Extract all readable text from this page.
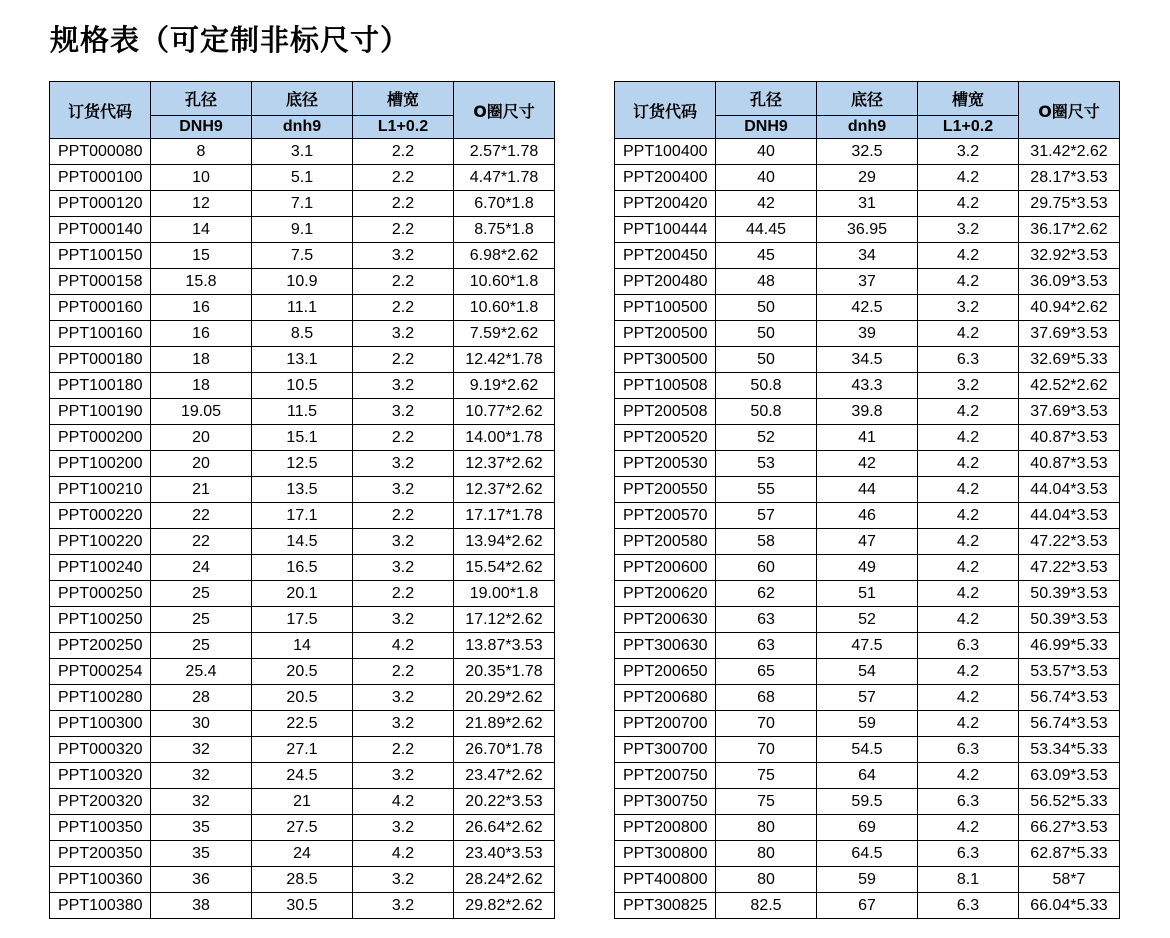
规格表（可定制非标尺寸）
订货代码	孔径	底径	槽宽	O圈尺寸
	DNH9	dnh9	L1+0.2	
PPT000080	8	3.1	2.2	2.57*1.78
PPT000100	10	5.1	2.2	4.47*1.78
PPT000120	12	7.1	2.2	6.70*1.8
PPT000140	14	9.1	2.2	8.75*1.8
PPT100150	15	7.5	3.2	6.98*2.62
PPT000158	15.8	10.9	2.2	10.60*1.8
PPT000160	16	11.1	2.2	10.60*1.8
PPT100160	16	8.5	3.2	7.59*2.62
PPT000180	18	13.1	2.2	12.42*1.78
PPT100180	18	10.5	3.2	9.19*2.62
PPT100190	19.05	11.5	3.2	10.77*2.62
PPT000200	20	15.1	2.2	14.00*1.78
PPT100200	20	12.5	3.2	12.37*2.62
PPT100210	21	13.5	3.2	12.37*2.62
PPT000220	22	17.1	2.2	17.17*1.78
PPT100220	22	14.5	3.2	13.94*2.62
PPT100240	24	16.5	3.2	15.54*2.62
PPT000250	25	20.1	2.2	19.00*1.8
PPT100250	25	17.5	3.2	17.12*2.62
PPT200250	25	14	4.2	13.87*3.53
PPT000254	25.4	20.5	2.2	20.35*1.78
PPT100280	28	20.5	3.2	20.29*2.62
PPT100300	30	22.5	3.2	21.89*2.62
PPT000320	32	27.1	2.2	26.70*1.78
PPT100320	32	24.5	3.2	23.47*2.62
PPT200320	32	21	4.2	20.22*3.53
PPT100350	35	27.5	3.2	26.64*2.62
PPT200350	35	24	4.2	23.40*3.53
PPT100360	36	28.5	3.2	28.24*2.62
PPT100380	38	30.5	3.2	29.82*2.62
订货代码	孔径	底径	槽宽	O圈尺寸
	DNH9	dnh9	L1+0.2	
PPT100400	40	32.5	3.2	31.42*2.62
PPT200400	40	29	4.2	28.17*3.53
PPT200420	42	31	4.2	29.75*3.53
PPT100444	44.45	36.95	3.2	36.17*2.62
PPT200450	45	34	4.2	32.92*3.53
PPT200480	48	37	4.2	36.09*3.53
PPT100500	50	42.5	3.2	40.94*2.62
PPT200500	50	39	4.2	37.69*3.53
PPT300500	50	34.5	6.3	32.69*5.33
PPT100508	50.8	43.3	3.2	42.52*2.62
PPT200508	50.8	39.8	4.2	37.69*3.53
PPT200520	52	41	4.2	40.87*3.53
PPT200530	53	42	4.2	40.87*3.53
PPT200550	55	44	4.2	44.04*3.53
PPT200570	57	46	4.2	44.04*3.53
PPT200580	58	47	4.2	47.22*3.53
PPT200600	60	49	4.2	47.22*3.53
PPT200620	62	51	4.2	50.39*3.53
PPT200630	63	52	4.2	50.39*3.53
PPT300630	63	47.5	6.3	46.99*5.33
PPT200650	65	54	4.2	53.57*3.53
PPT200680	68	57	4.2	56.74*3.53
PPT200700	70	59	4.2	56.74*3.53
PPT300700	70	54.5	6.3	53.34*5.33
PPT200750	75	64	4.2	63.09*3.53
PPT300750	75	59.5	6.3	56.52*5.33
PPT200800	80	69	4.2	66.27*3.53
PPT300800	80	64.5	6.3	62.87*5.33
PPT400800	80	59	8.1	58*7
PPT300825	82.5	67	6.3	66.04*5.33
